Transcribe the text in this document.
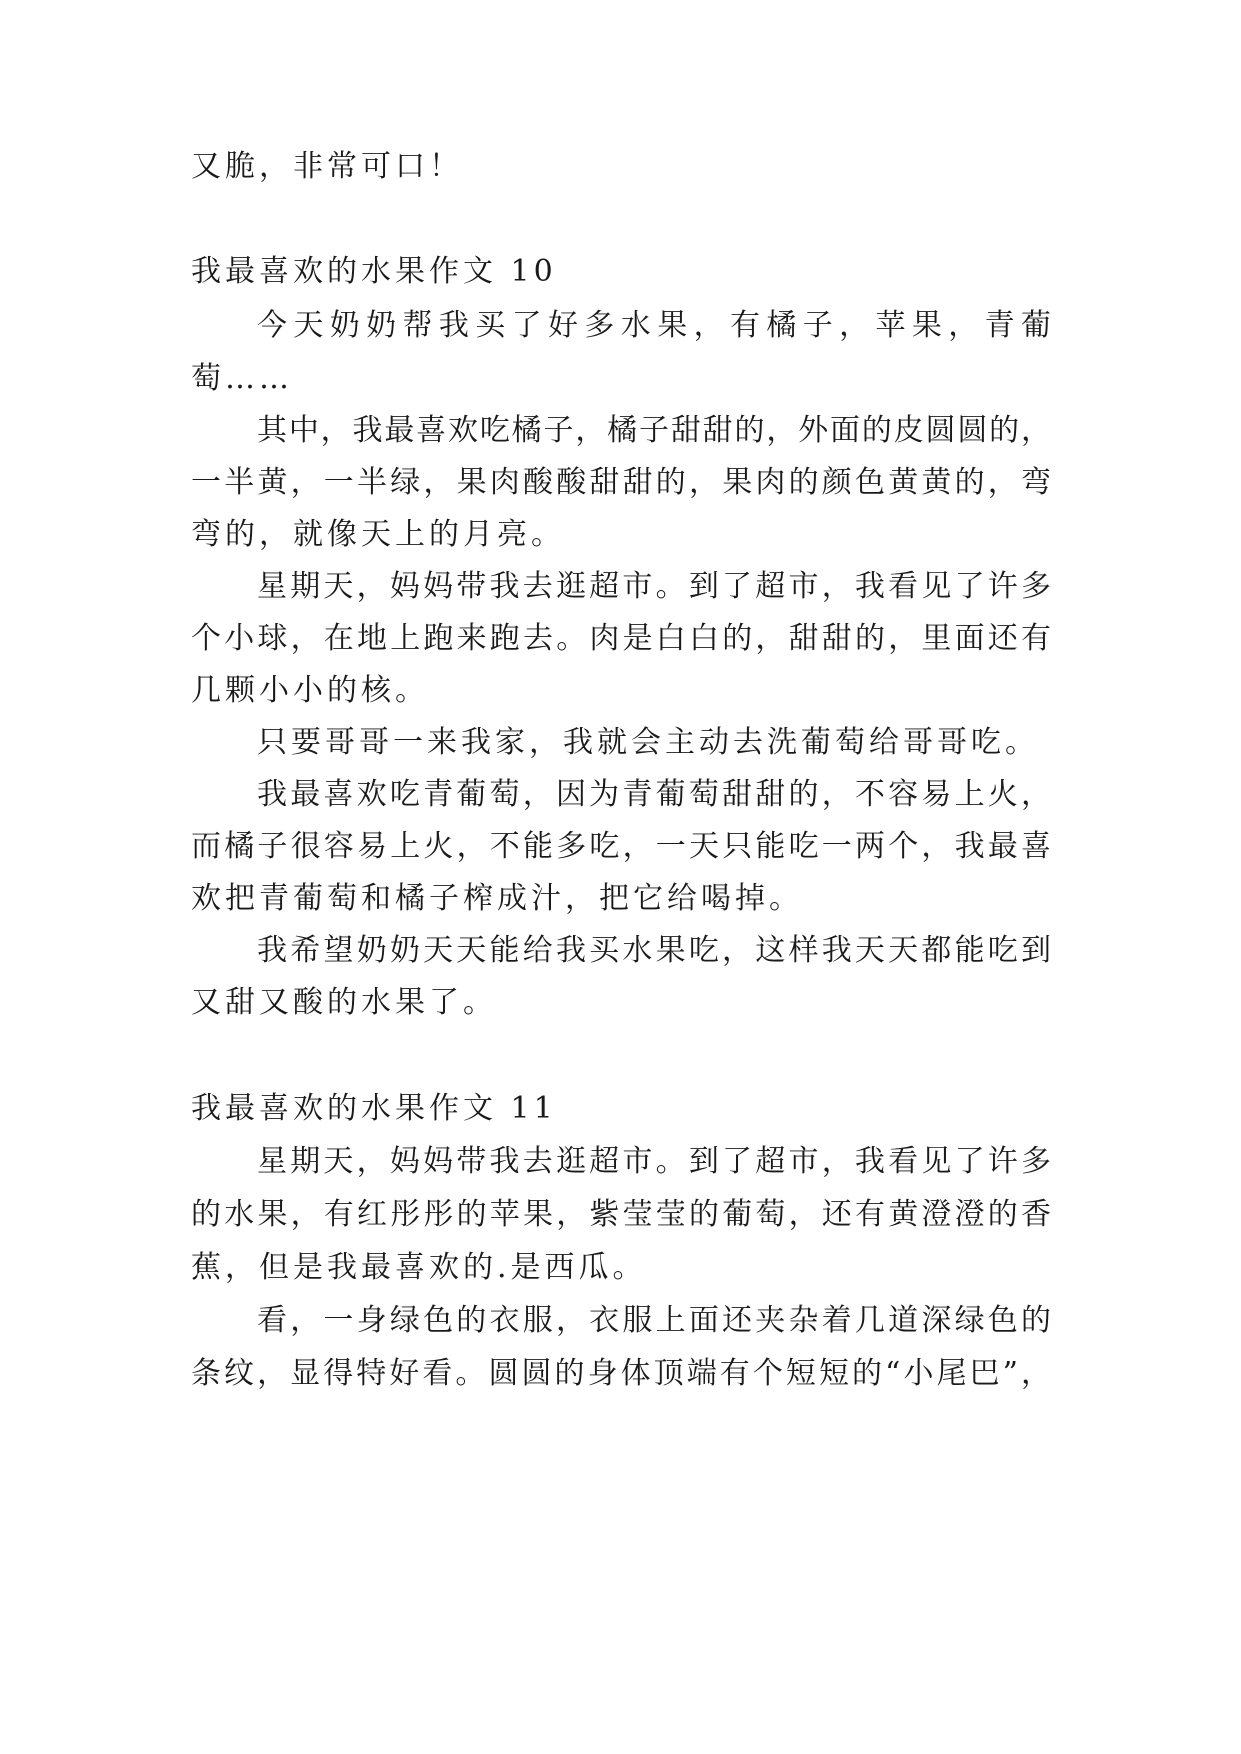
又脆，非常可口！
我最喜欢的水果作文 10
今天奶奶帮我买了好多水果，有橘子，苹果，青葡
萄……
其中，我最喜欢吃橘子，橘子甜甜的，外面的皮圆圆的，
一半黄，一半绿，果肉酸酸甜甜的，果肉的颜色黄黄的，弯
弯的，就像天上的月亮。
星期天，妈妈带我去逛超市。到了超市，我看见了许多
个小球，在地上跑来跑去。肉是白白的，甜甜的，里面还有
几颗小小的核。
只要哥哥一来我家，我就会主动去洗葡萄给哥哥吃。
我最喜欢吃青葡萄，因为青葡萄甜甜的，不容易上火，
而橘子很容易上火，不能多吃，一天只能吃一两个，我最喜
欢把青葡萄和橘子榨成汁，把它给喝掉。
我希望奶奶天天能给我买水果吃，这样我天天都能吃到
又甜又酸的水果了。
我最喜欢的水果作文 11
星期天，妈妈带我去逛超市。到了超市，我看见了许多
的水果，有红彤彤的苹果，紫莹莹的葡萄，还有黄澄澄的香
蕉，但是我最喜欢的.是西瓜。
看，一身绿色的衣服，衣服上面还夹杂着几道深绿色的
条纹，显得特好看。圆圆的身体顶端有个短短的“小尾巴”，
